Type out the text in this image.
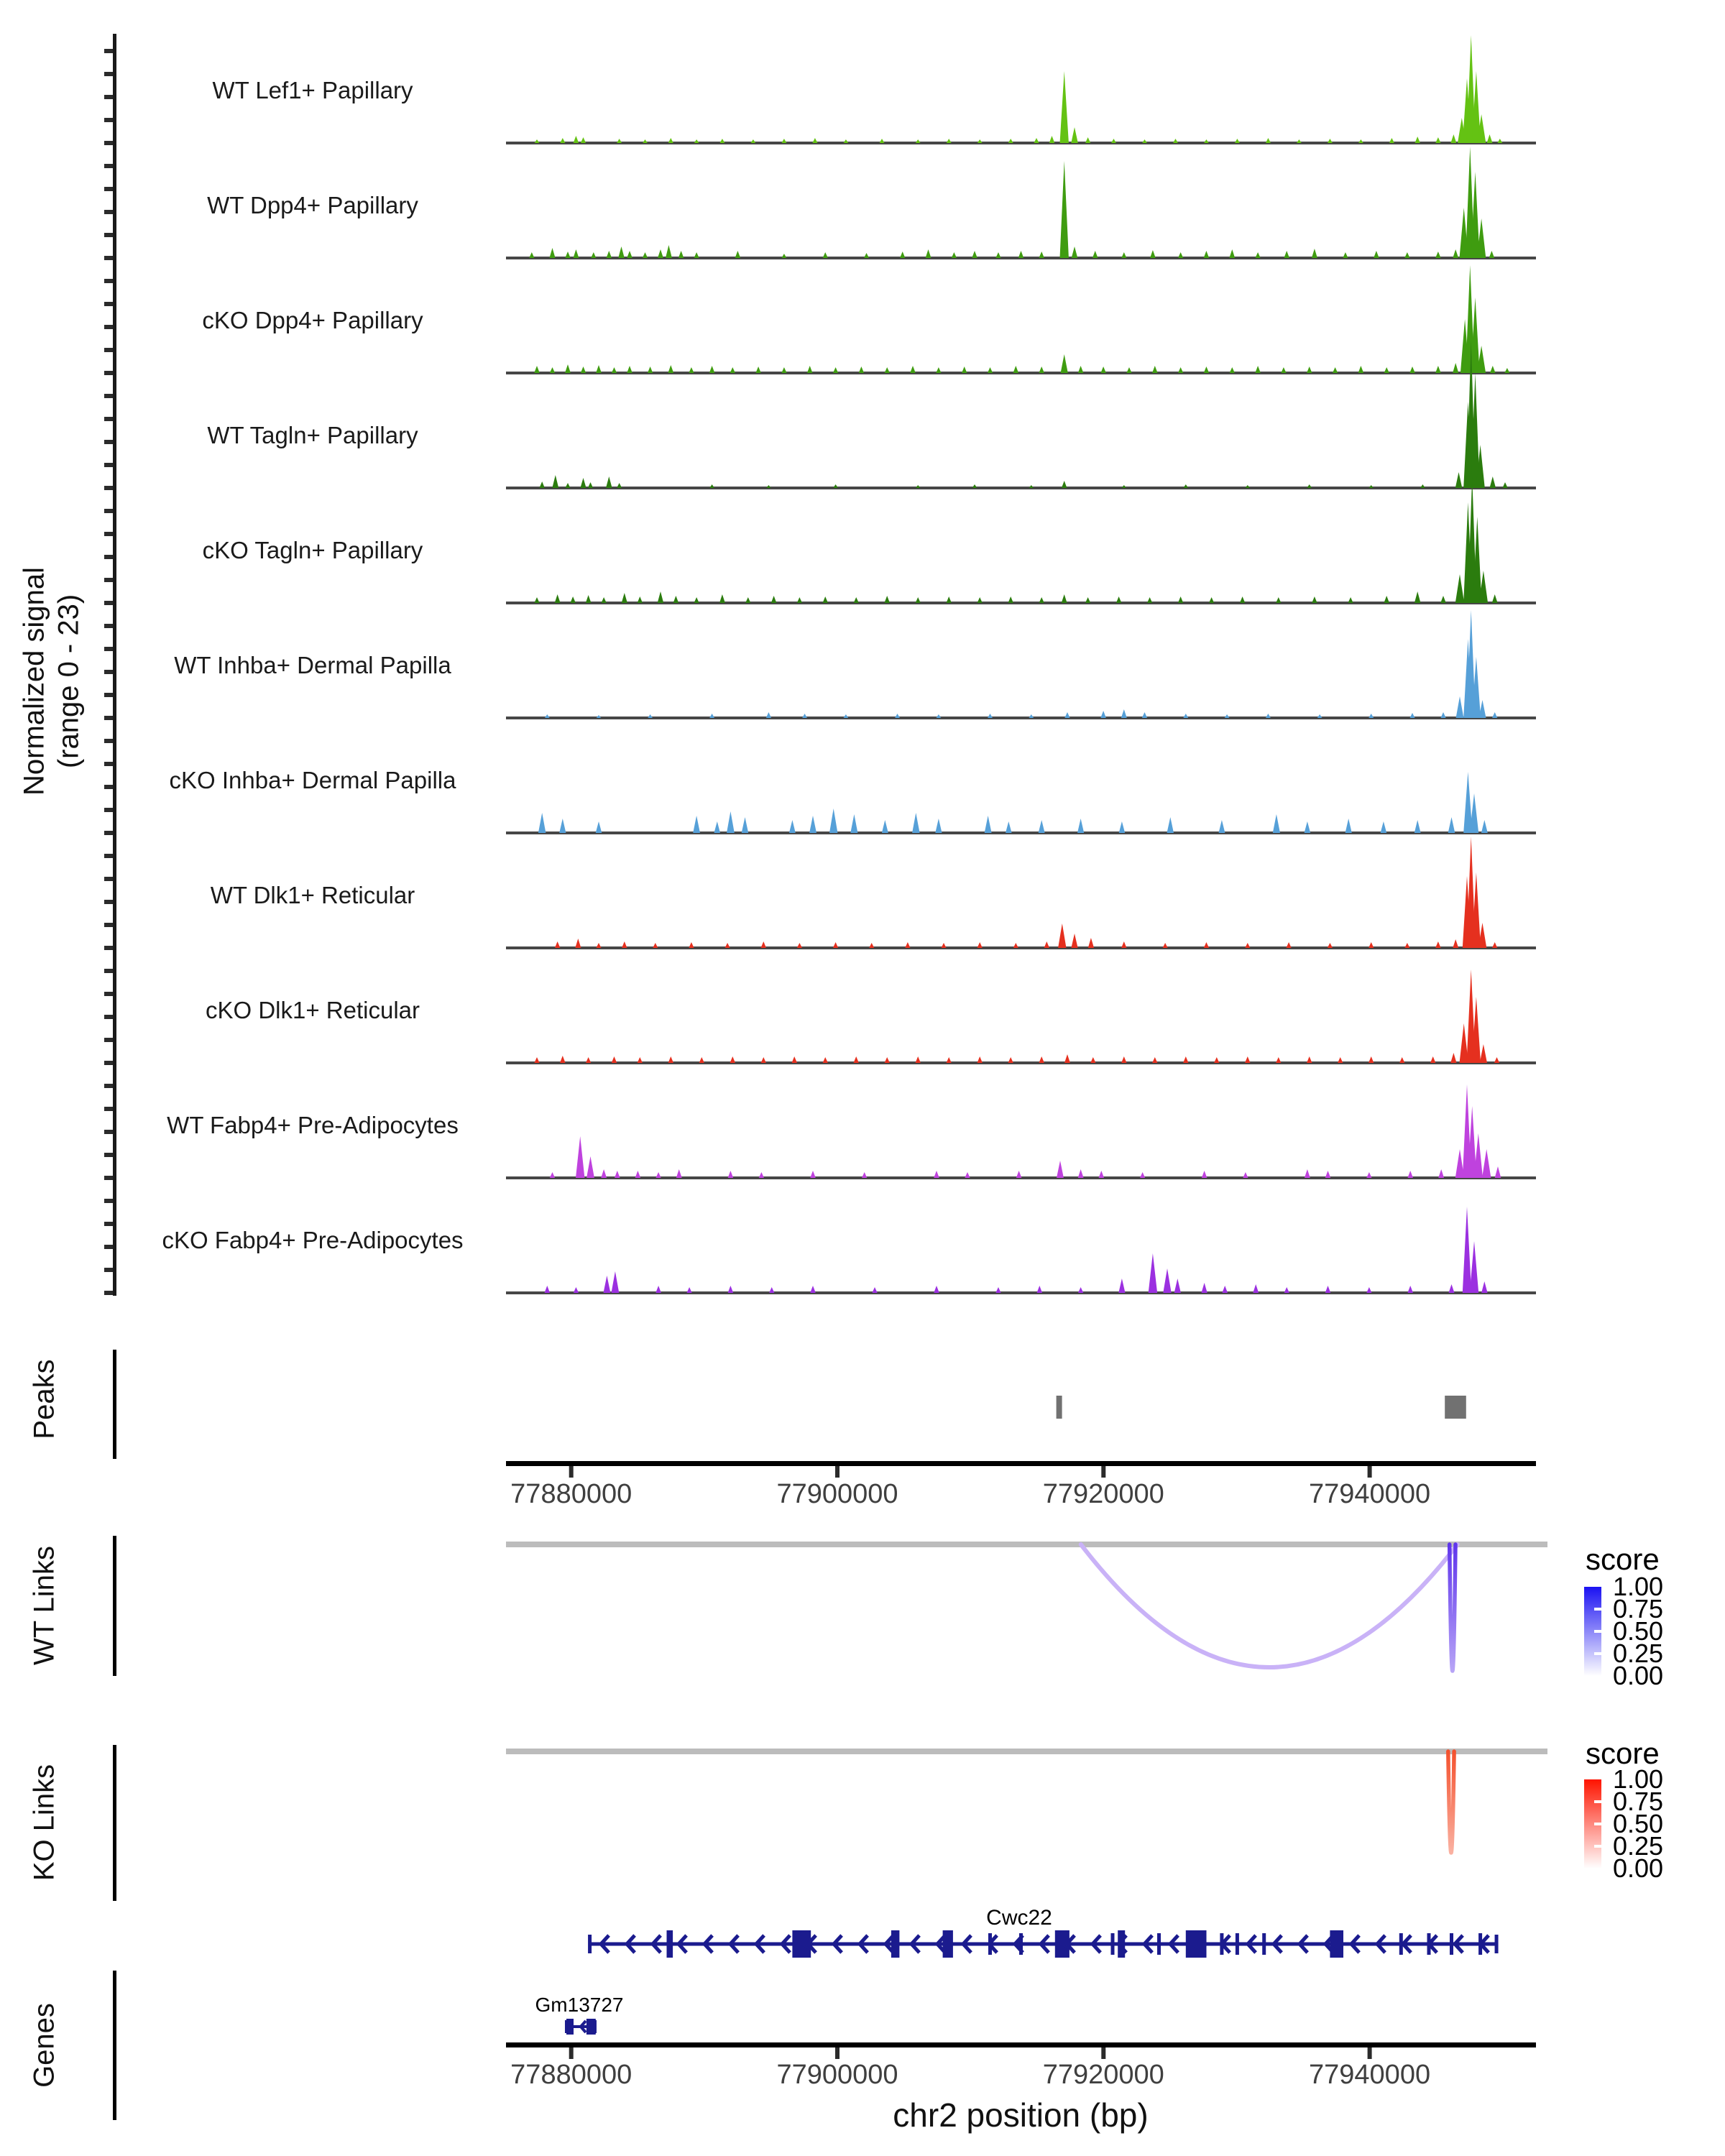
Normalized signal (range 0 - 23)
Peaks
WT Links
KO Links
Genes
score
1.00
0.75
0.50
0.25
0.00
score
1.00
0.75
0.50
0.25
0.00
Cwc22
Gm13727
chr2 position (bp)
WT Lef1+ Papillary
WT Dpp4+ Papillary
cKO Dpp4+ Papillary
WT Tagln+ Papillary
cKO Tagln+ Papillary
WT Inhba+ Dermal Papilla
cKO Inhba+ Dermal Papilla
WT Dlk1+ Reticular
cKO Dlk1+ Reticular
WT Fabp4+ Pre-Adipocytes
cKO Fabp4+ Pre-Adipocytes
77880000	77900000	77920000	77940000
77880000	77900000	77920000	77940000
